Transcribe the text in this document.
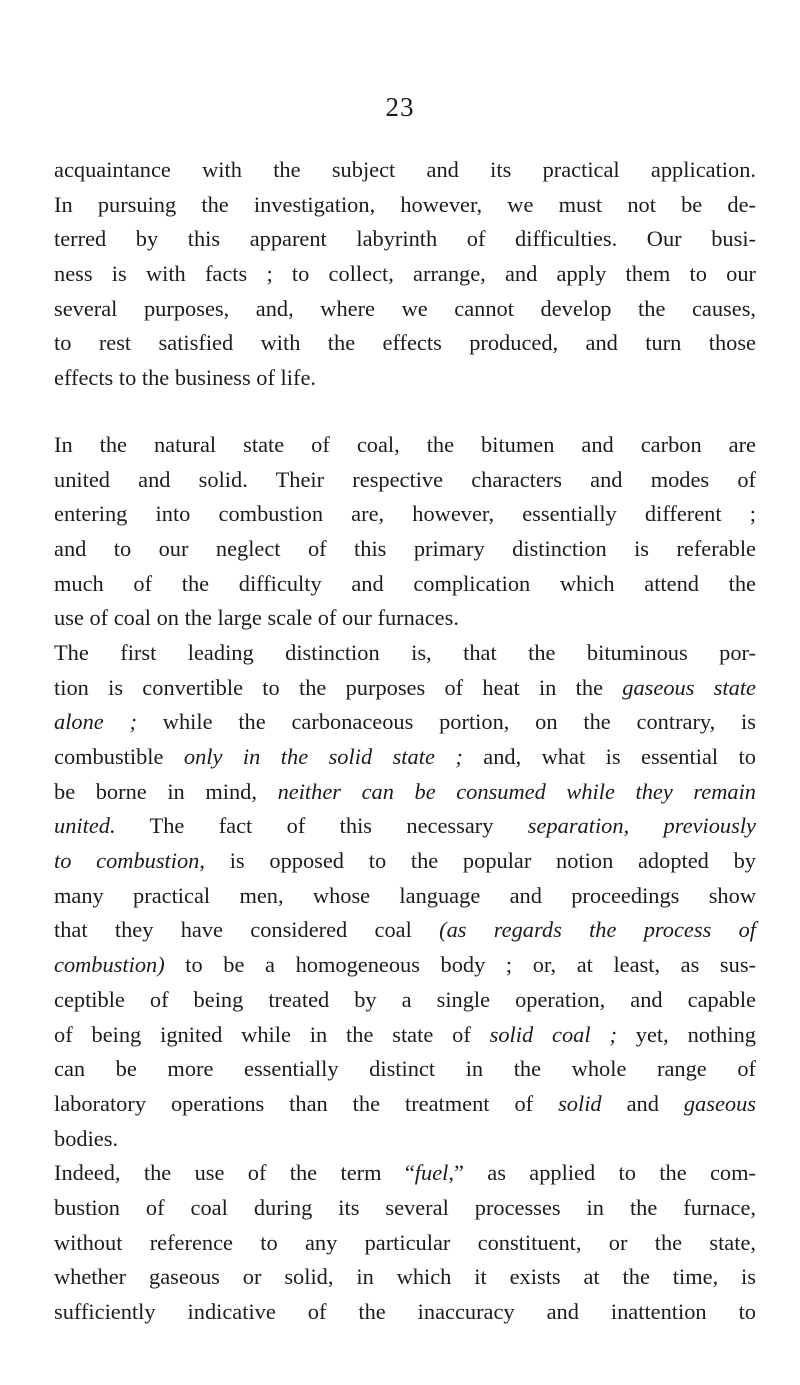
23
acquaintance with the subject and its practical application.
In pursuing the investigation, however, we must not be de-
terred by this apparent labyrinth of difficulties. Our busi-
ness is with facts ; to collect, arrange, and apply them to our
several purposes, and, where we cannot develop the causes,
to rest satisfied with the effects produced, and turn those
effects to the business of life.
In the natural state of coal, the bitumen and carbon are
united and solid. Their respective characters and modes of
entering into combustion are, however, essentially different ;
and to our neglect of this primary distinction is referable
much of the difficulty and complication which attend the
use of coal on the large scale of our furnaces.
The first leading distinction is, that the bituminous por-
tion is convertible to the purposes of heat in the gaseous state
alone ; while the carbonaceous portion, on the contrary, is
combustible only in the solid state ; and, what is essential to
be borne in mind, neither can be consumed while they remain
united. The fact of this necessary separation, previously
to combustion, is opposed to the popular notion adopted by
many practical men, whose language and proceedings show
that they have considered coal (as regards the process of
combustion) to be a homogeneous body ; or, at least, as sus-
ceptible of being treated by a single operation, and capable
of being ignited while in the state of solid coal ; yet, nothing
can be more essentially distinct in the whole range of
laboratory operations than the treatment of solid and gaseous
bodies.
Indeed, the use of the term “fuel,” as applied to the com-
bustion of coal during its several processes in the furnace,
without reference to any particular constituent, or the state,
whether gaseous or solid, in which it exists at the time, is
sufficiently indicative of the inaccuracy and inattention to
